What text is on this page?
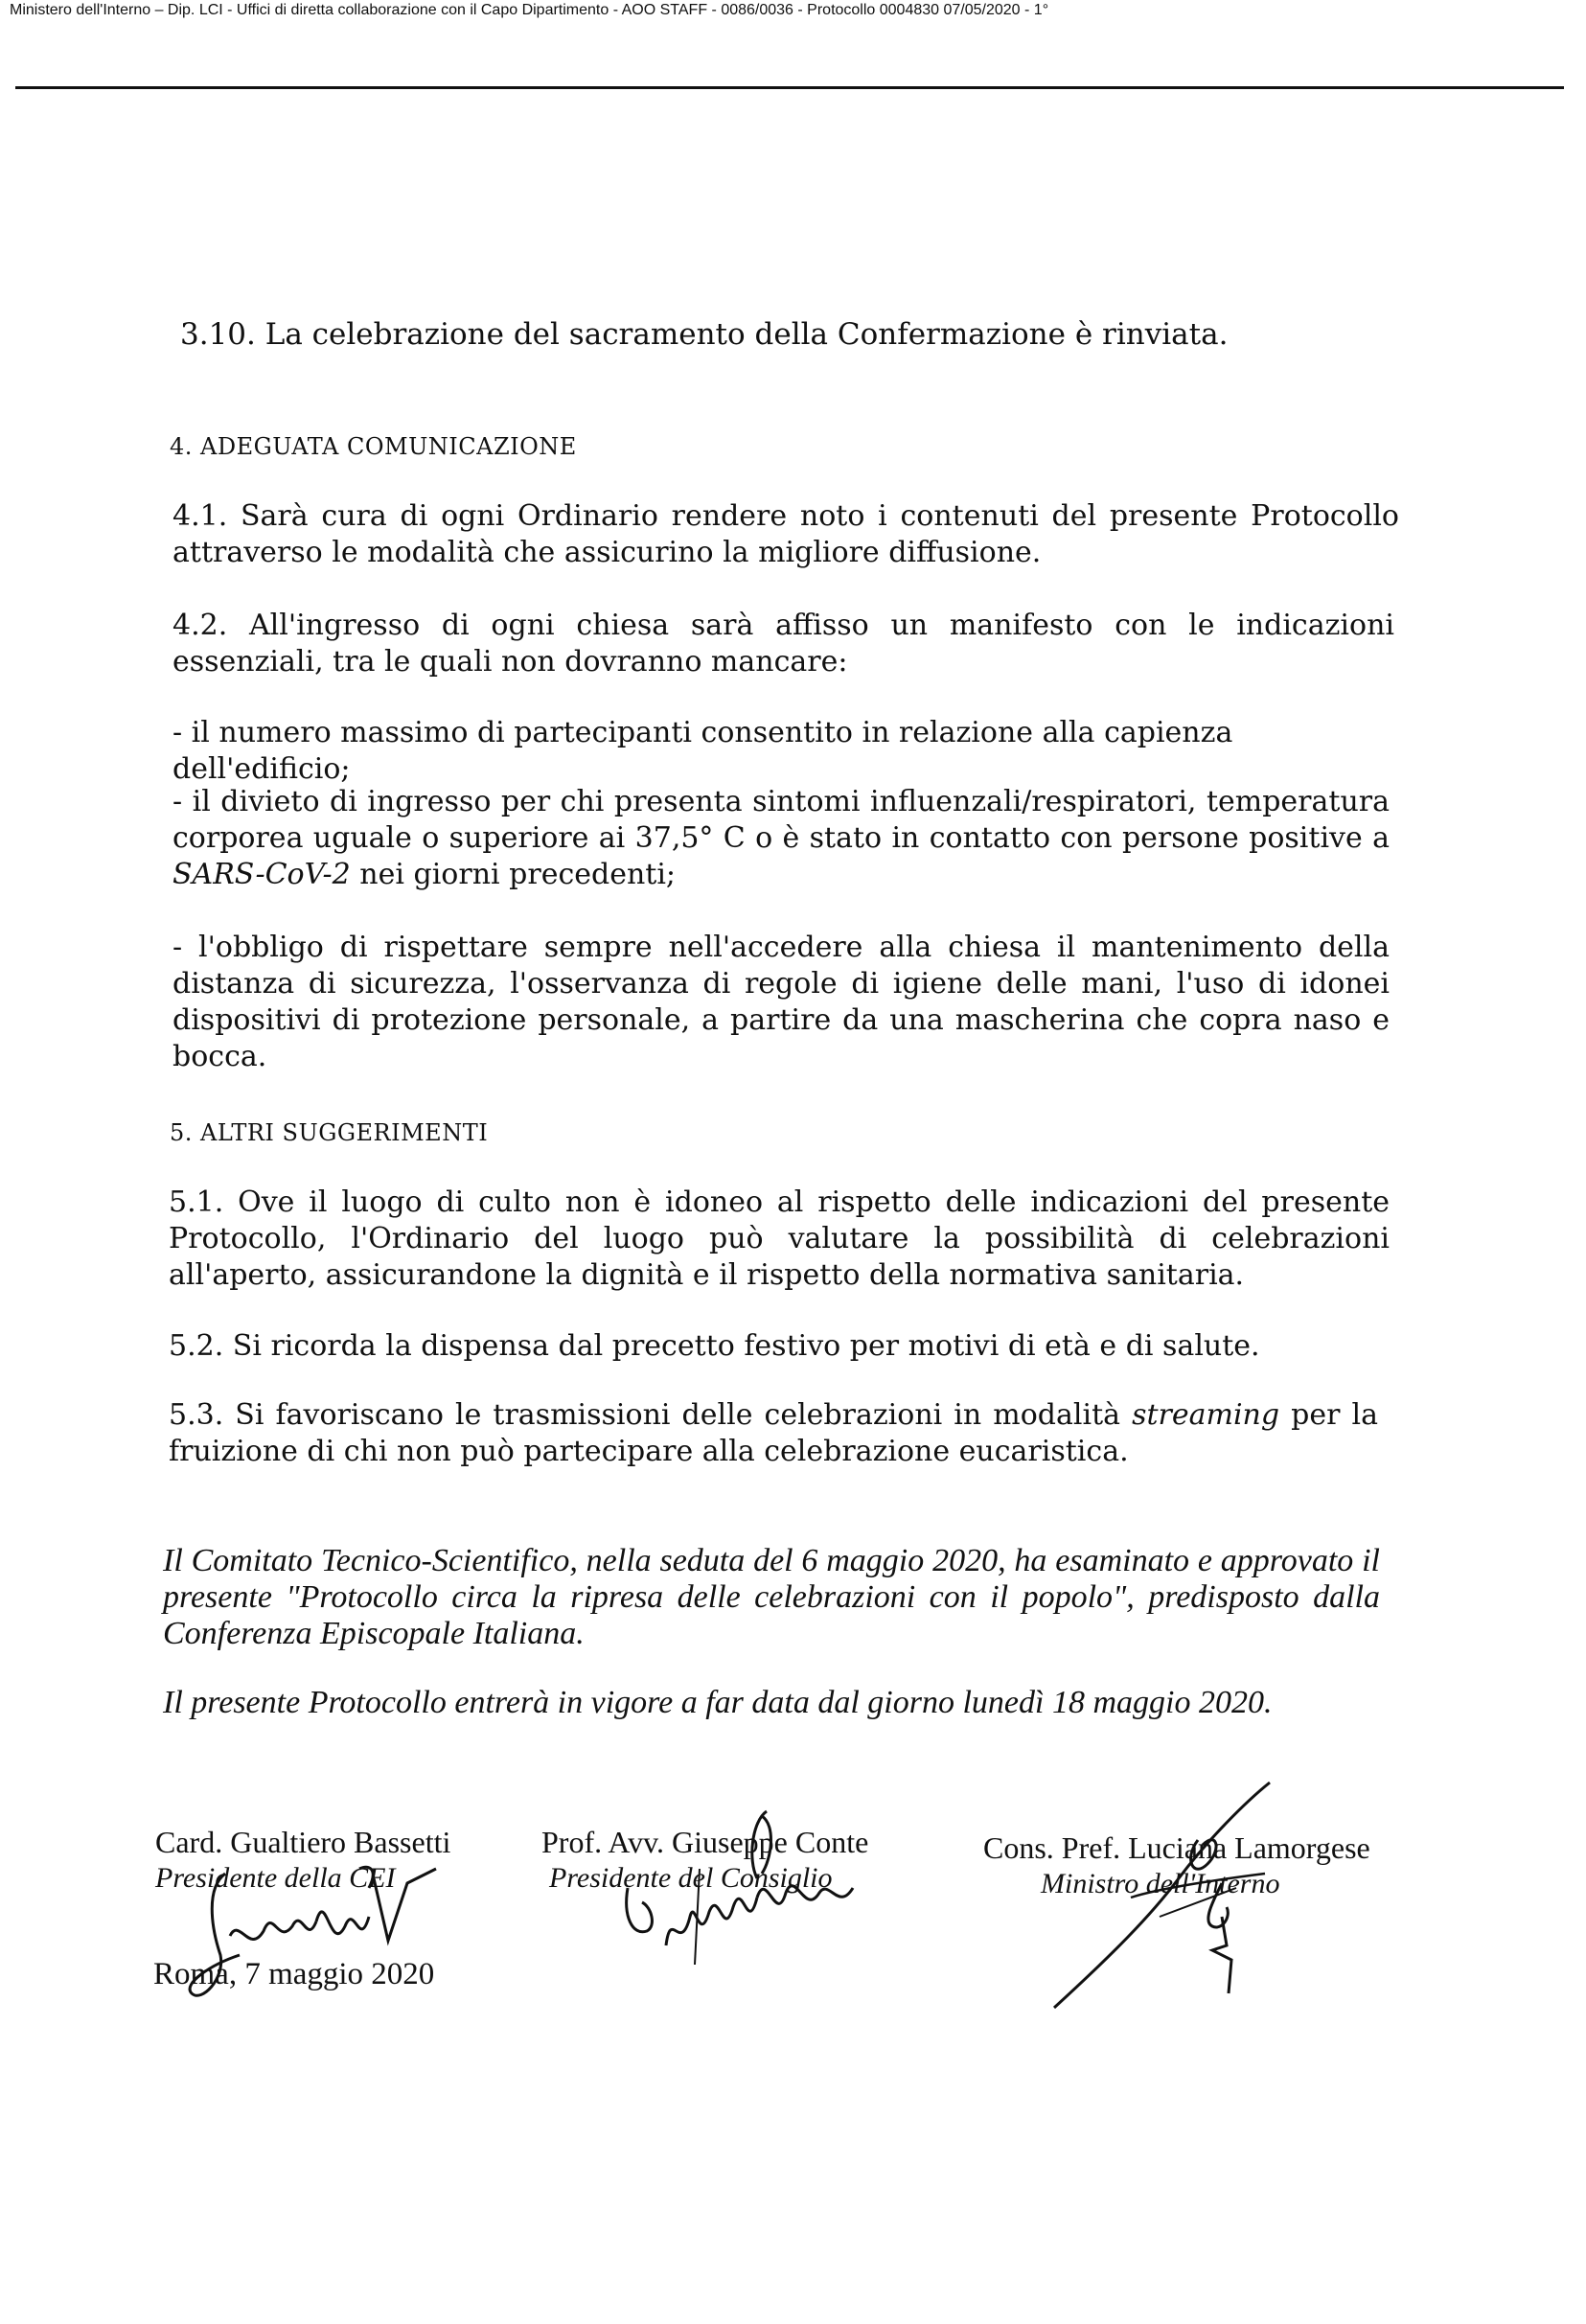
Ministero dell'Interno – Dip. LCI - Uffici di diretta collaborazione con il Capo Dipartimento - AOO STAFF - 0086/0036 - Protocollo 0004830 07/05/2020 - 1°
3.10. La celebrazione del sacramento della Confermazione è rinviata.
4. ADEGUATA COMUNICAZIONE
4.1. Sarà cura di ogni Ordinario rendere noto i contenuti del presente Protocollo attraverso le modalità che assicurino la migliore diffusione.
4.2. All'ingresso di ogni chiesa sarà affisso un manifesto con le indicazioni essenziali, tra le quali non dovranno mancare:
- il numero massimo di partecipanti consentito in relazione alla capienza dell'edificio;
- il divieto di ingresso per chi presenta sintomi influenzali/respiratori, temperatura corporea uguale o superiore ai 37,5° C o è stato in contatto con persone positive a SARS-CoV-2 nei giorni precedenti;
- l'obbligo di rispettare sempre nell'accedere alla chiesa il mantenimento della distanza di sicurezza, l'osservanza di regole di igiene delle mani, l'uso di idonei dispositivi di protezione personale, a partire da una mascherina che copra naso e bocca.
5. ALTRI SUGGERIMENTI
5.1. Ove il luogo di culto non è idoneo al rispetto delle indicazioni del presente Protocollo, l'Ordinario del luogo può valutare la possibilità di celebrazioni all'aperto, assicurandone la dignità e il rispetto della normativa sanitaria.
5.2. Si ricorda la dispensa dal precetto festivo per motivi di età e di salute.
5.3. Si favoriscano le trasmissioni delle celebrazioni in modalità streaming per la fruizione di chi non può partecipare alla celebrazione eucaristica.
Il Comitato Tecnico-Scientifico, nella seduta del 6 maggio 2020, ha esaminato e approvato il presente "Protocollo circa la ripresa delle celebrazioni con il popolo", predisposto dalla Conferenza Episcopale Italiana.
Il presente Protocollo entrerà in vigore a far data dal giorno lunedì 18 maggio 2020.
Card. Gualtiero Bassetti
Presidente della CEI
Prof. Avv. Giuseppe Conte
Presidente del Consiglio
Cons. Pref. Luciana Lamorgese
Ministro dell'Interno
Roma, 7 maggio 2020
